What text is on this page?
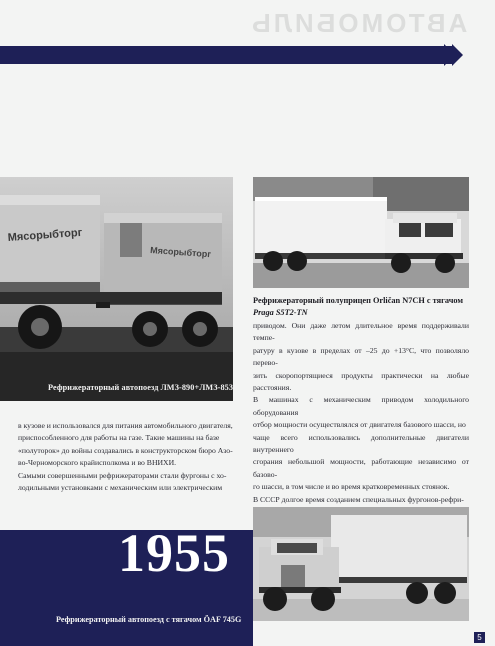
АВТОМОБИЛЬ
Мясорыбторг
Мясорыбторг
Рефрижераторный автопоезд ЛМЗ-890+ЛМЗ-853
Рефрижераторный полуприцеп Orličan N7CH с тягачом
Praga S5T2-TN
приводом. Они даже летом длительное время поддерживали темпе-
ратуру в кузове в пределах от –25 до +13°С, что позволяло перево-
зить скоропортящиеся продукты практически на любые расстояния.
В машинах с механическим приводом холодильного оборудования
отбор мощности осуществлялся от двигателя базового шасси, но
чаще всего использовались дополнительные двигатели внутреннего
сгорания небольшой мощности, работающие независимо от базово-
го шасси, в том числе и во время кратковременных стоянок.
В СССР долгое время созданием специальных фургонов-рефри-
в кузове и использовался для питания автомобильного двигателя,
приспособленного для работы на газе. Такие машины на базе
«полуторок» до войны создавались в конструкторском бюро Азо-
во-Черноморского крайисполкома и во ВНИХИ.
Самыми совершенными рефрижераторами стали фургоны с хо-
лодильными установками с механическим или электрическим
1955
Рефрижераторный автопоезд с тягачом ÖAF 745G
5
